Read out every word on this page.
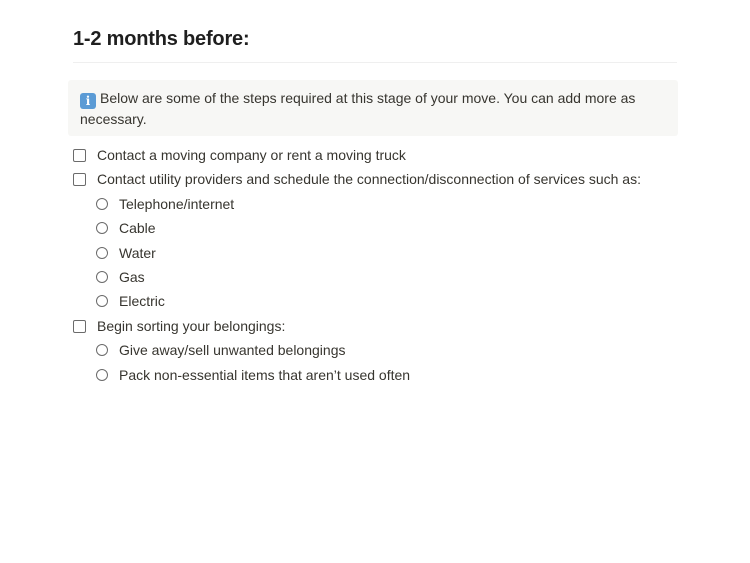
1-2 months before:
i Below are some of the steps required at this stage of your move. You can add more as necessary.
Contact a moving company or rent a moving truck
Contact utility providers and schedule the connection/disconnection of services such as:
Telephone/internet
Cable
Water
Gas
Electric
Begin sorting your belongings:
Give away/sell unwanted belongings
Pack non-essential items that aren’t used often
